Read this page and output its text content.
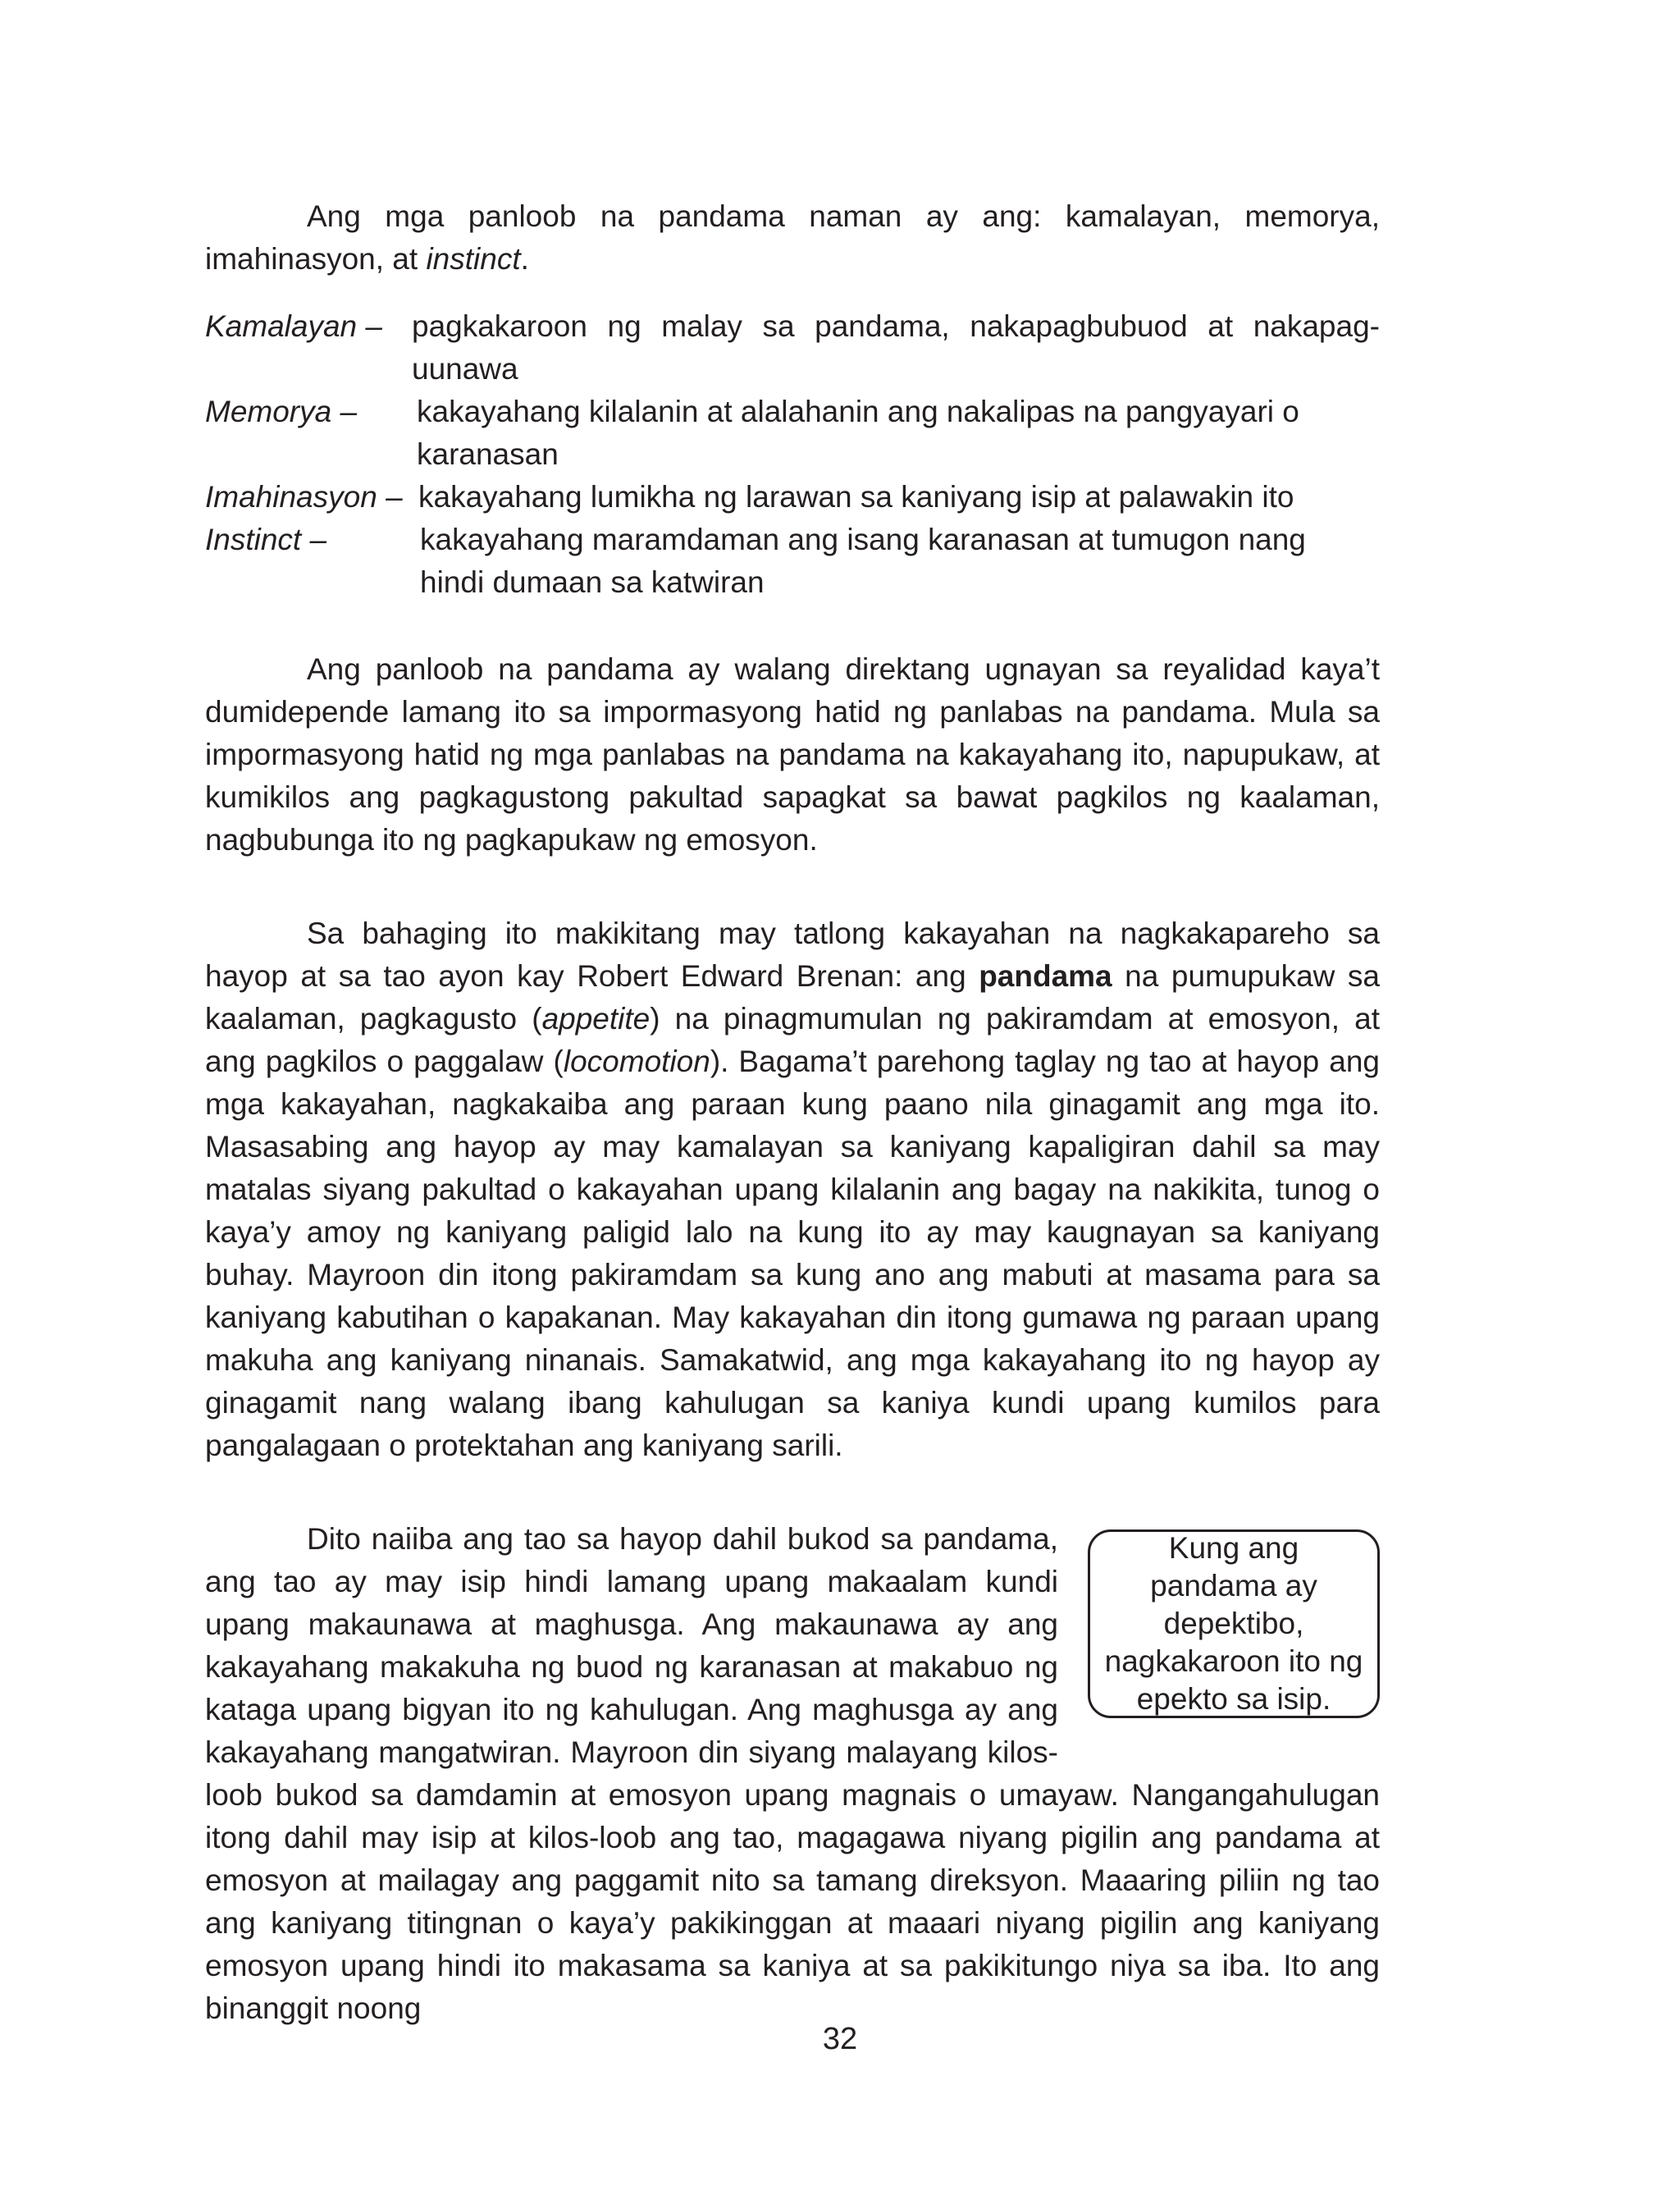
Ang mga panloob na pandama naman ay ang: kamalayan, memorya, imahinasyon, at instinct.

Kamalayan – pagkakaroon ng malay sa pandama, nakapagbubuod at nakapag-
uunawa
Memorya –	kakayahang kilalanin at alalahanin ang nakalipas na pangyayari o
karanasan
Imahinasyon – kakayahang lumikha ng larawan sa kaniyang isip at palawakin ito
Instinct –	kakayahang maramdaman ang isang karanasan at tumugon nang
hindi dumaan sa katwiran

Ang panloob na pandama ay walang direktang ugnayan sa reyalidad kaya’t dumidepende lamang ito sa impormasyong hatid ng panlabas na pandama. Mula sa impormasyong hatid ng mga panlabas na pandama na kakayahang ito, napupukaw, at kumikilos ang pagkagustong pakultad sapagkat sa bawat pagkilos ng kaalaman, nagbubunga ito ng pagkapukaw ng emosyon.

Sa bahaging ito makikitang may tatlong kakayahan na nagkakapareho sa hayop at sa tao ayon kay Robert Edward Brenan: ang pandama na pumupukaw sa kaalaman, pagkagusto (appetite) na pinagmumulan ng pakiramdam at emosyon, at ang pagkilos o paggalaw (locomotion). Bagama’t parehong taglay ng tao at hayop ang mga kakayahan, nagkakaiba ang paraan kung paano nila ginagamit ang mga ito. Masasabing ang hayop ay may kamalayan sa kaniyang kapaligiran dahil sa may matalas siyang pakultad o kakayahan upang kilalanin ang bagay na nakikita, tunog o kaya’y amoy ng kaniyang paligid lalo na kung ito ay may kaugnayan sa kaniyang buhay. Mayroon din itong pakiramdam sa kung ano ang mabuti at masama para sa kaniyang kabutihan o kapakanan. May kakayahan din itong gumawa ng paraan upang makuha ang kaniyang ninanais. Samakatwid, ang mga kakayahang ito ng hayop ay ginagamit nang walang ibang kahulugan sa kaniya kundi upang kumilos para pangalagaan o protektahan ang kaniyang sarili.

Kung ang pandama ay depektibo, nagkakaroon ito ng epekto sa isip.
Dito naiiba ang tao sa hayop dahil bukod sa pandama, ang tao ay may isip hindi lamang upang makaalam kundi upang makaunawa at maghusga. Ang makaunawa ay ang kakayahang makakuha ng buod ng karanasan at makabuo ng kataga upang bigyan ito ng kahulugan. Ang maghusga ay ang kakayahang mangatwiran. Mayroon din siyang malayang kilos-loob bukod sa damdamin at emosyon upang magnais o umayaw. Nangangahulugan itong dahil may isip at kilos-loob ang tao, magagawa niyang pigilin ang pandama at emosyon at mailagay ang paggamit nito sa tamang direksyon. Maaaring piliin ng tao ang kaniyang titingnan o kaya’y pakikinggan at maaari niyang pigilin ang kaniyang emosyon upang hindi ito makasama sa kaniya at sa pakikitungo niya sa iba. Ito ang binanggit noong

32
